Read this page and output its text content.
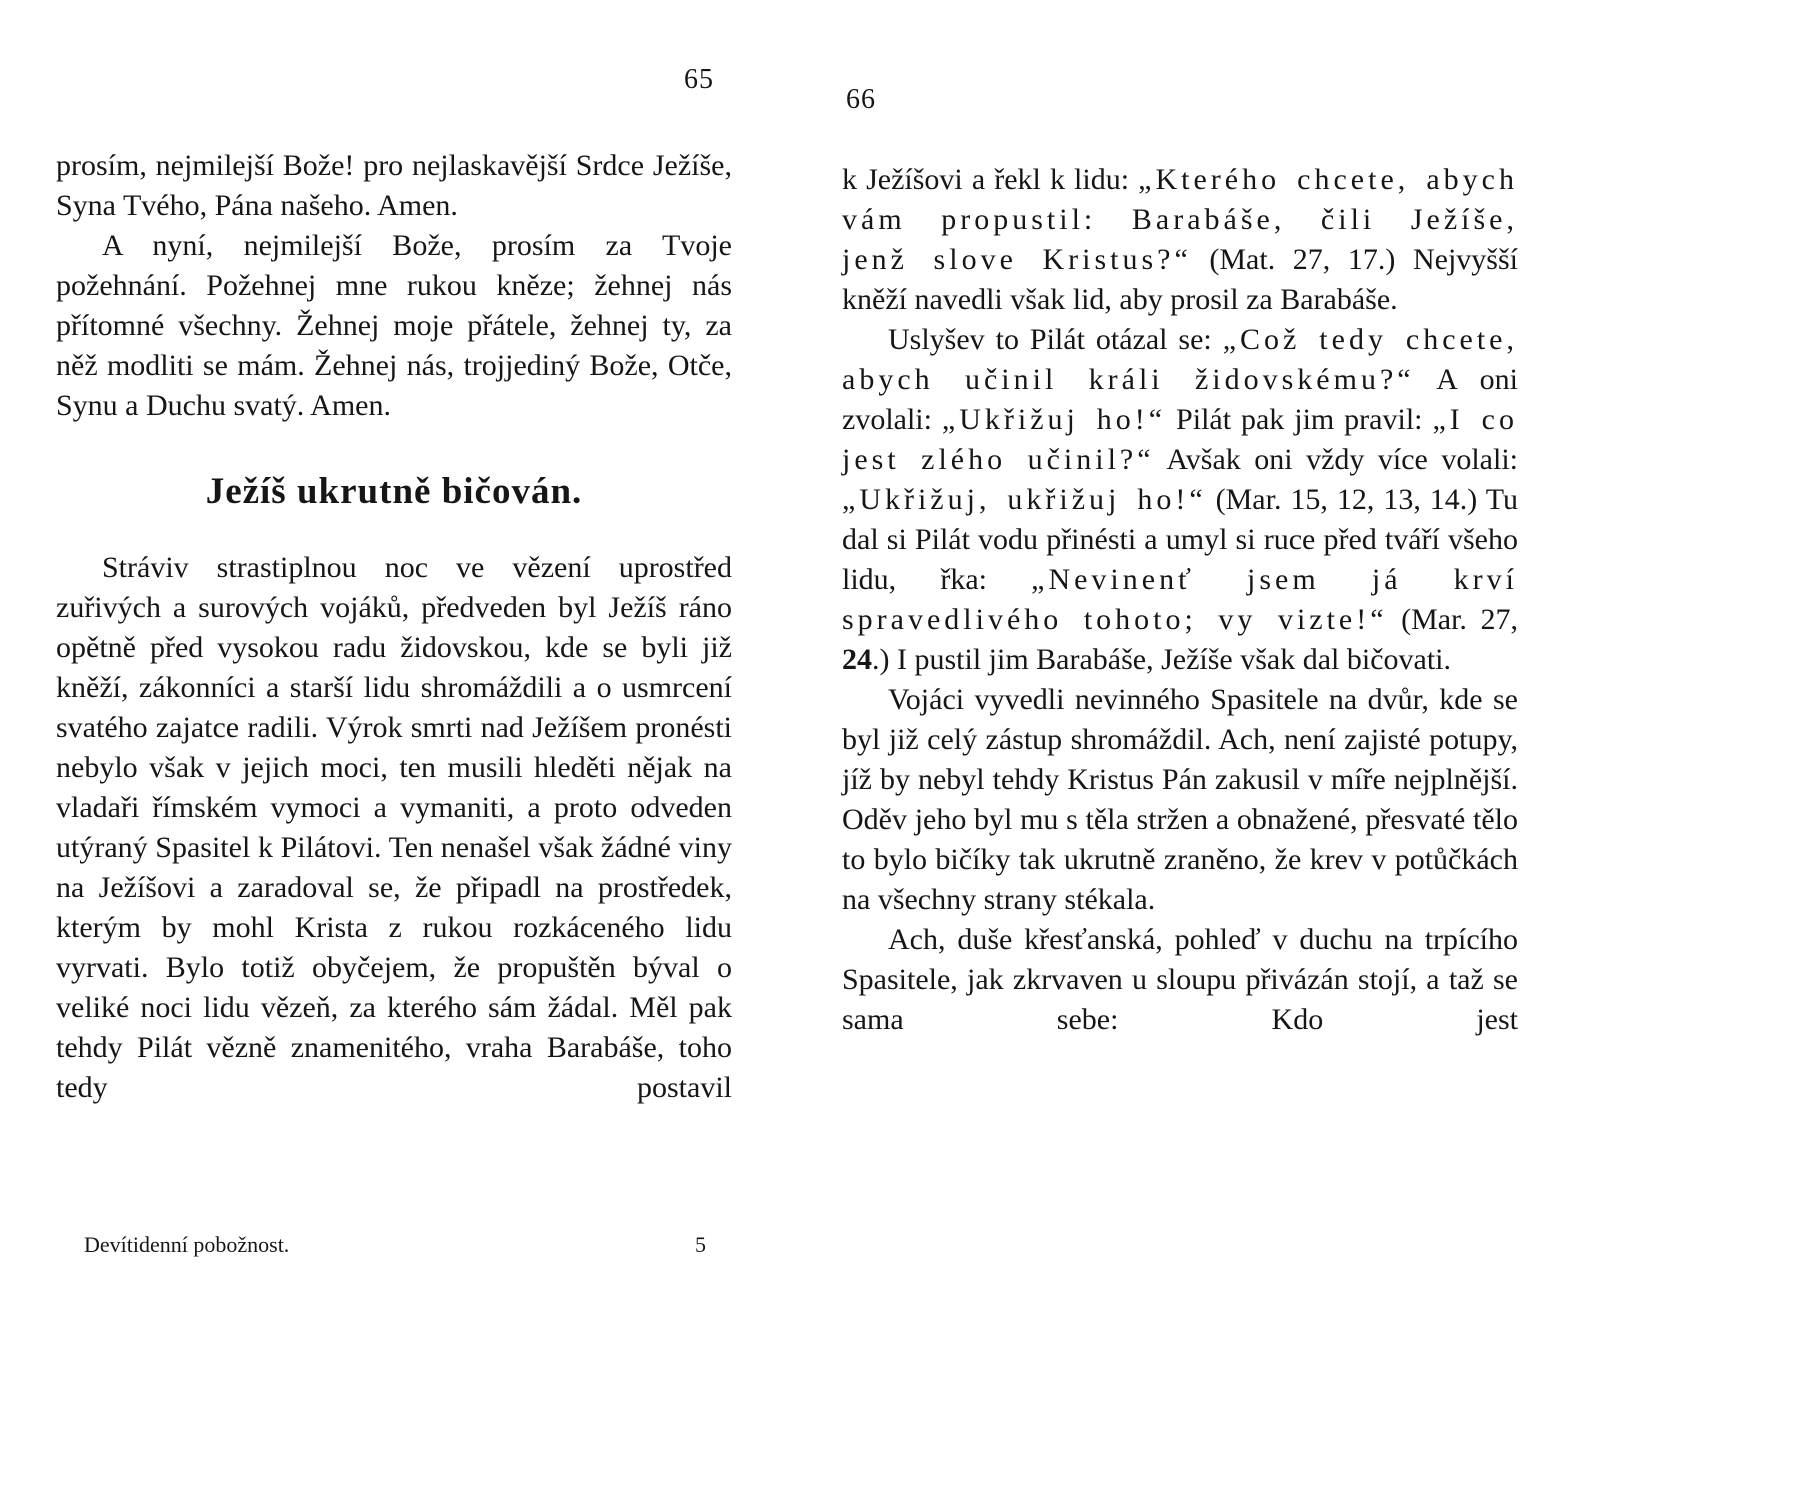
65

prosím, nejmilejší Bože! pro nejlaskavější Srdce Ježíše, Syna Tvého, Pána našeho. Amen.

A nyní, nejmilejší Bože, prosím za Tvoje požehnání. Požehnej mne rukou kněze; žehnej nás přítomné všechny. Žehnej moje přátele, žehnej ty, za něž modliti se mám. Žehnej nás, trojjediný Bože, Otče, Synu a Duchu svatý. Amen.

Ježíš ukrutně bičován.

Stráviv strastiplnou noc ve vězení uprostřed zuřivých a surových vojáků, předveden byl Ježíš ráno opětně před vysokou radu židovskou, kde se byli již kněží, zákonníci a starší lidu shromáždili a o usmrcení svatého zajatce radili. Výrok smrti nad Ježíšem pronésti nebylo však v jejich moci, ten musili hleděti nějak na vladaři římském vymoci a vymaniti, a proto odveden utýraný Spasitel k Pilátovi. Ten nenašel však žádné viny na Ježíšovi a zaradoval se, že připadl na prostředek, kterým by mohl Krista z rukou rozkáceného lidu vyrvati. Bylo totiž obyčejem, že propuštěn býval o veliké noci lidu vězeň, za kterého sám žádal. Měl pak tehdy Pilát vězně znamenitého, vraha Barabáše, toho tedy postavil

Devítidenní pobožnost.	5
66

k Ježíšovi a řekl k lidu: „Kterého chcete, abych vám propustil: Barabáše, čili Ježíše, jenž slove Kristus?“ (Mat. 27, 17.) Nejvyšší kněží navedli však lid, aby prosil za Barabáše.

Uslyšev to Pilát otázal se: „Což tedy chcete, abych učinil králi židovskému?“ A oni zvolali: „Ukřižuj ho!“ Pilát pak jim pravil: „I co jest zlého učinil?“ Avšak oni vždy více volali: „Ukřižuj, ukřižuj ho!“ (Mar. 15, 12, 13, 14.) Tu dal si Pilát vodu přinésti a umyl si ruce před tváří všeho lidu, řka: „Nevinenť jsem já krví spravedlivého tohoto; vy vizte!“ (Mar. 27, 24.) I pustil jim Barabáše, Ježíše však dal bičovati.

Vojáci vyvedli nevinného Spasitele na dvůr, kde se byl již celý zástup shromáždil. Ach, není zajisté potupy, jíž by nebyl tehdy Kristus Pán zakusil v míře nejplnější. Oděv jeho byl mu s těla stržen a obnažené, přesvaté tělo to bylo bičíky tak ukrutně zraněno, že krev v potůčkách na všechny strany stékala.

Ach, duše křesťanská, pohleď v duchu na trpícího Spasitele, jak zkrvaven u sloupu přivázán stojí, a taž se sama sebe: Kdo jest
